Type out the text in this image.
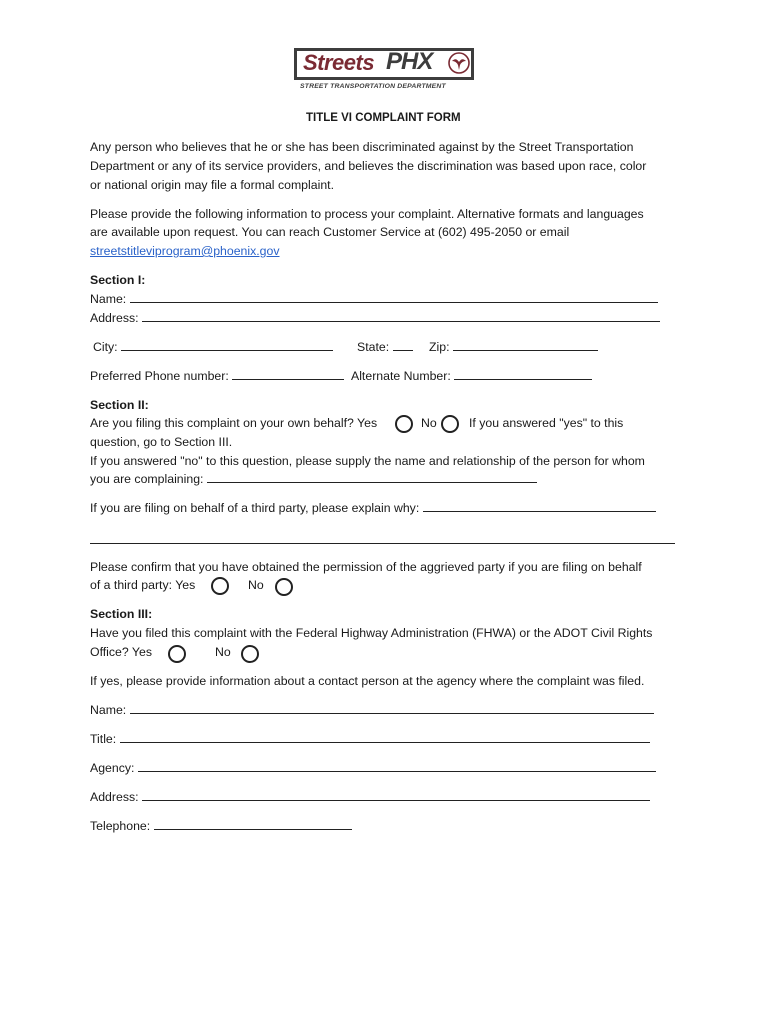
Streets PHX
STREET TRANSPORTATION DEPARTMENT
TITLE VI COMPLAINT FORM
Any person who believes that he or she has been discriminated against by the Street Transportation
Department or any of its service providers, and believes the discrimination was based upon race, color
or national origin may file a formal complaint.
Please provide the following information to process your complaint. Alternative formats and languages
are available upon request. You can reach Customer Service at (602) 495-2050 or email
streetstitleviprogram@phoenix.gov
Section I:
Name:
Address:
City:	State:	Zip:
Preferred Phone number:	Alternate Number:
Section II:
Are you filing this complaint on your own behalf? Yes	No	If you answered "yes" to this
question, go to Section III.
If you answered "no" to this question, please supply the name and relationship of the person for whom
you are complaining:
If you are filing on behalf of a third party, please explain why:
Please confirm that you have obtained the permission of the aggrieved party if you are filing on behalf
of a third party: Yes	No
Section III:
Have you filed this complaint with the Federal Highway Administration (FHWA) or the ADOT Civil Rights
Office? Yes	No
If yes, please provide information about a contact person at the agency where the complaint was filed.
Name:
Title:
Agency:
Address:
Telephone:
